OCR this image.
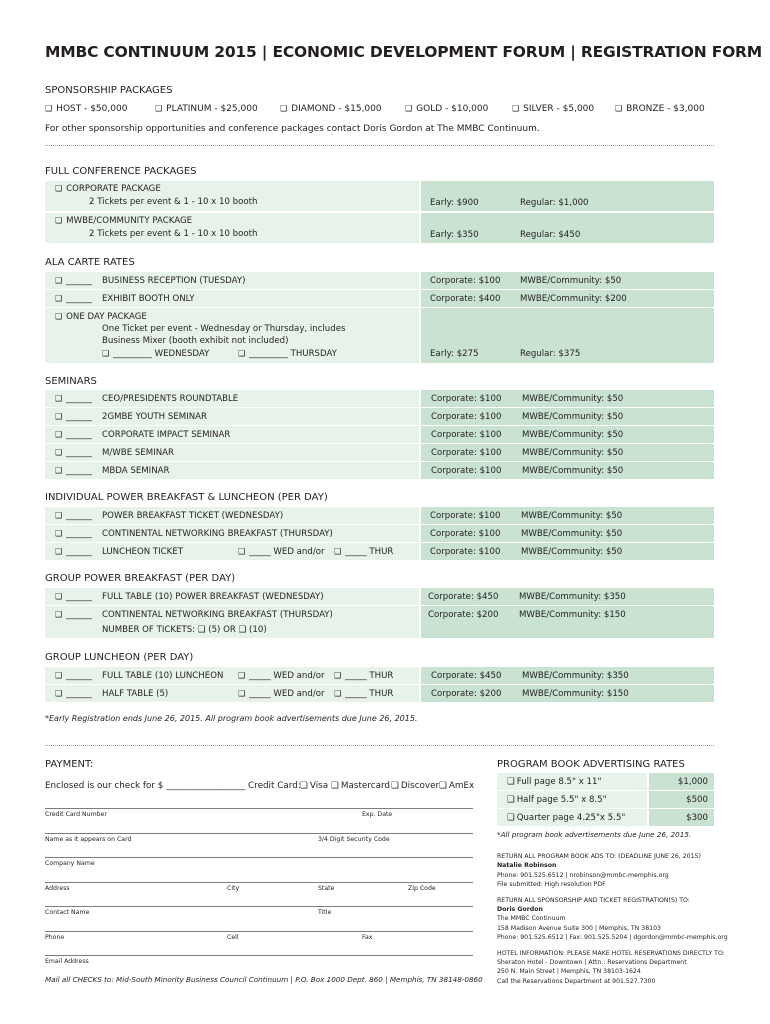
MMBC CONTINUUM 2015 | ECONOMIC DEVELOPMENT FORUM | REGISTRATION FORM
SPONSORSHIP PACKAGES
❑ HOST - $50,000	❑ PLATINUM - $25,000	❑ DIAMOND - $15,000	❑ GOLD - $10,000	❑ SILVER - $5,000	❑ BRONZE - $3,000
For other sponsorship opportunities and conference packages contact Doris Gordon at The MMBC Continuum.
FULL CONFERENCE PACKAGES
❑ CORPORATE PACKAGE
2 Tickets per event & 1 - 10 x 10 booth	Early: $900	Regular: $1,000
❑ MWBE/COMMUNITY PACKAGE
2 Tickets per event & 1 - 10 x 10 booth	Early: $350	Regular: $450
ALA CARTE RATES
❑ ______ BUSINESS RECEPTION (TUESDAY)	Corporate: $100 MWBE/Community: $50
❑ ______ EXHIBIT BOOTH ONLY	Corporate: $400 MWBE/Community: $200
❑ ONE DAY PACKAGE
One Ticket per event - Wednesday or Thursday, includes
Business Mixer (booth exhibit not included)
❑ _________ WEDNESDAY	❑ _________ THURSDAY	Early: $275	Regular: $375
SEMINARS
❑ ______ CEO/PRESIDENTS ROUNDTABLE	Corporate: $100 MWBE/Community: $50
❑ ______ 2GMBE YOUTH SEMINAR	Corporate: $100 MWBE/Community: $50
❑ ______ CORPORATE IMPACT SEMINAR	Corporate: $100 MWBE/Community: $50
❑ ______ M/WBE SEMINAR	Corporate: $100 MWBE/Community: $50
❑ ______ MBDA SEMINAR	Corporate: $100 MWBE/Community: $50
INDIVIDUAL POWER BREAKFAST & LUNCHEON (PER DAY)
❑ ______ POWER BREAKFAST TICKET (WEDNESDAY)	Corporate: $100 MWBE/Community: $50
❑ ______ CONTINENTAL NETWORKING BREAKFAST (THURSDAY)	Corporate: $100 MWBE/Community: $50
❑ ______ LUNCHEON TICKET	❑ _____ WED and/or ❑ _____ THUR	Corporate: $100 MWBE/Community: $50
GROUP POWER BREAKFAST (PER DAY)
❑ ______ FULL TABLE (10) POWER BREAKFAST (WEDNESDAY)	Corporate: $450 MWBE/Community: $350
❑ ______ CONTINENTAL NETWORKING BREAKFAST (THURSDAY)
NUMBER OF TICKETS: ❑ (5) OR ❑ (10)
Corporate: $200 MWBE/Community: $150
GROUP LUNCHEON (PER DAY)
❑ ______ FULL TABLE (10) LUNCHEON ❑ _____ WED and/or ❑ _____ THUR	Corporate: $450 MWBE/Community: $350
❑ ______ HALF TABLE (5)	❑ _____ WED and/or ❑ _____ THUR	Corporate: $200 MWBE/Community: $150
*Early Registration ends June 26, 2015. All program book advertisements due June 26, 2015.
PAYMENT:
Enclosed is our check for $ __________________ Credit Card: ❑ Visa ❑ Mastercard ❑ Discover ❑ AmEx
Credit Card Number	Exp. Date
Name as it appears on Card	3/4 Digit Security Code
Company Name
Address	City	State	Zip Code
Contact Name	Title
Phone	Cell	Fax
Email Address
Mail all CHECKS to: Mid-South Minority Business Council Continuum | P.O. Box 1000 Dept. 860 | Memphis, TN 38148-0860
PROGRAM BOOK ADVERTISING RATES
❑ Full page 8.5" x 11"	$1,000
❑ Half page 5.5" x 8.5"	$500
❑ Quarter page 4.25"x 5.5"	$300
*All program book advertisements due June 26, 2015.
RETURN ALL PROGRAM BOOK ADS TO: (DEADLINE JUNE 26, 2015)
Natalie Robinson
Phone: 901.525.6512 | nrobinson@mmbc-memphis.org
File submitted: High resolution PDF
RETURN ALL SPONSORSHIP AND TICKET REGISTRATION(S) TO:
Doris Gordon
The MMBC Continuum
158 Madison Avenue Suite 300 | Memphis, TN 38103
Phone: 901.525.6512 | Fax: 901.525.5204 | dgordon@mmbc-memphis.org
HOTEL INFORMATION: PLEASE MAKE HOTEL RESERVATIONS DIRECTLY TO:
Sheraton Hotel - Downtown | Attn.: Reservations Department
250 N. Main Street | Memphis, TN 38103-1624
Call the Reservations Department at 901.527.7300
